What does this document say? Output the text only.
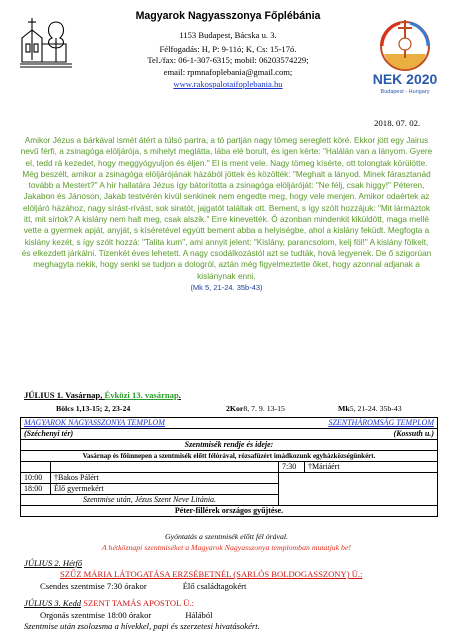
Magyarok Nagyasszonya Főplébánia
1153 Budapest, Bácska u. 3.
Félfogadás: H, P: 9-11ó; K, Cs: 15-17ó.
Tel./fax: 06-1-307-6315; mobil: 06203574229;
email: rpmnafoplebania@gmail.com;
www.rakospalotaifoplebania.hu	NEK 2020
Budapest - Hungary
2018. 07. 02.
Amikor Jézus a bárkával ismét átért a túlsó partra, a tó partján nagy tömeg sereglett köré. Ekkor jött egy Jairus nevű férfi, a zsinagóga elöljárója, s mihelyt meglátta, lába elé borult, és igen kérte: "Halálán van a lányom. Gyere el, tedd rá kezedet, hogy meggyógyuljon és éljen." El is ment vele. Nagy tömeg kísérte, ott tolongtak körülötte. Még beszélt, amikor a zsinagóga elöljárójának házából jöttek és közölték: "Meghalt a lányod. Minek fárasztanád tovább a Mestert?" A hír hallatára Jézus így bátorította a zsinagóga elöljáróját: "Ne félj, csak higgy!" Péteren, Jakabon és Jánoson, Jakab testvérén kívül senkinek nem engedte meg, hogy vele menjen. Amikor odaértek az elöljáró házához, nagy sírást-rívást, sok siratót, jajgatót találtak ott. Bement, s így szólt hozzájuk: "Mit lármáztok itt, mit sírtok? A kislány nem halt meg, csak alszik." Erre kinevették. Ő azonban mindenkit kiküldött, maga mellé vette a gyermek apját, anyját, s kíséretével együtt bement abba a helyiségbe, ahol a kislány feküdt. Megfogta a kislány kezét, s így szólt hozzá: "Talita kum", ami annyit jelent: "Kislány, parancsolom, kelj föl!" A kislány fölkelt, és elkezdett járkálni. Tizenkét éves lehetett. A nagy csodálkozástól azt se tudták, hová legyenek. De ő szigorúan meghagyta nekik, hogy senki se tudjon a dologról, aztán még figyelmeztette őket, hogy azonnal adjanak a kislánynak enni.
(Mk 5, 21-24. 35b-43)
JÚLIUS 1. Vasárnap, Évközi 13. vasárnap.
Bölcs 1,13-15; 2, 23-24	2Kor 8, 7. 9. 13-15	Mk 5, 21-24. 35b-43
MAGYAROK NAGYASSZONYA TEMPLOM		SZENTHÁROMSÁG TEMPLOM	
(Széchenyi tér)		(Kossuth u.)	
Szentmisék rendje és ideje:			
Vasárnap és főünnepen a szentmisék előtt félórával, rózsafüzért imádkozunk egyházközségünkért.			
		7:30	†Máriáért
10:00	†Bakos Pálért		
18:00	Élő gyermekért		
Szentmise után, Jézus Szent Neve Litánia.			
Péter-fillérek országos gyűjtése.			
Gyóntatás a szentmisék előtt fél órával.
A hétköznapi szentmiséket a Magyarok Nagyasszonya templomban mutatjuk be!
JÚLIUS 2. Hétfő
SZŰZ MÁRIA LÁTOGATÁSA ERZSÉBETNÉL (SARLÓS BOLDOGASSZONY) Ü.:
Csendes szentmise 7:30 órakor	Élő családtagokért
JÚLIUS 3. Kedd SZENT TAMÁS APOSTOL Ü.:
Orgonás szentmise 18:00 órakor	Hálából
Szentmise után zsolozsma a hívekkel, papi és szerzetesi hivatásokért.
